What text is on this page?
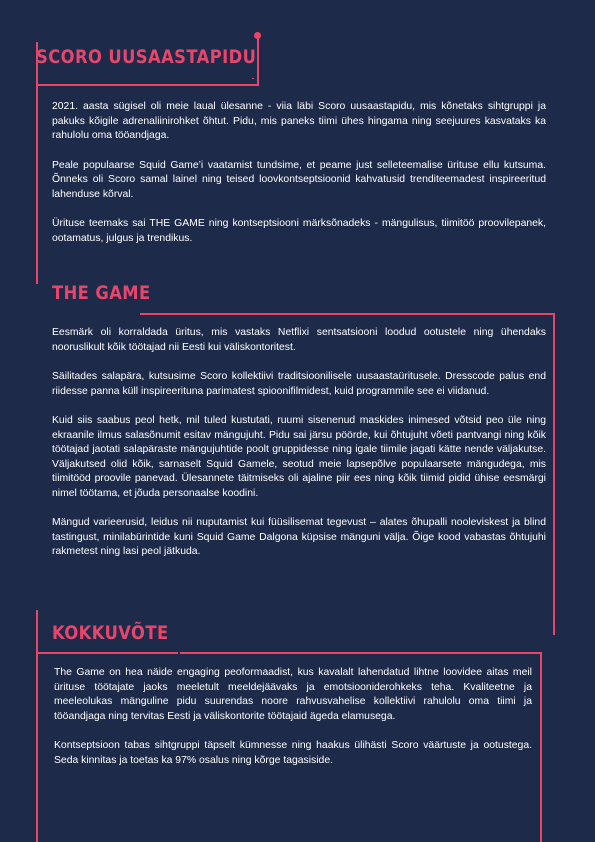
SCORO UUSAASTAPIDU

2021. aasta sügisel oli meie laual ülesanne - viia läbi Scoro uusaastapidu, mis kõnetaks sihtgruppi ja pakuks kõigile adrenaliinirohket õhtut. Pidu, mis paneks tiimi ühes hingama ning seejuures kasvataks ka rahulolu oma tööandjaga.

Peale populaarse Squid Game’i vaatamist tundsime, et peame just selleteemalise ürituse ellu kutsuma. Õnneks oli Scoro samal lainel ning teised loovkontseptsioonid kahvatusid trenditeemadest inspireeritud lahenduse kõrval.

Ürituse teemaks sai THE GAME ning kontseptsiooni märksõnadeks - mängulisus, tiimitöö proovilepanek, ootamatus, julgus ja trendikus.

THE GAME

Eesmärk oli korraldada üritus, mis vastaks Netflixi sentsatsiooni loodud ootustele ning ühendaks nooruslikult kõik töötajad nii Eesti kui väliskontoritest.

Säilitades salapära, kutsusime Scoro kollektiivi traditsioonilisele uusaastaüritusele. Dresscode palus end riidesse panna küll inspireerituna parimatest spioonifilmidest, kuid programmile see ei viidanud.

Kuid siis saabus peol hetk, mil tuled kustutati, ruumi sisenenud maskides inimesed võtsid peo üle ning ekraanile ilmus salasõnumit esitav mängujuht. Pidu sai järsu pöörde, kui õhtujuht võeti pantvangi ning kõik töötajad jaotati salapäraste mängujuhtide poolt gruppidesse ning igale tiimile jagati kätte nende väljakutse. Väljakutsed olid kõik, sarnaselt Squid Gamele, seotud meie lapsepõlve populaarsete mängudega, mis tiimitööd proovile panevad. Ülesannete täitmiseks oli ajaline piir ees ning kõik tiimid pidid ühise eesmärgi nimel töötama, et jõuda personaalse koodini.

Mängud varieerusid, leidus nii nuputamist kui füüsilisemat tegevust – alates õhupalli nooleviskest ja blind tastingust, minilabürintide kuni Squid Game Dalgona küpsise mänguni välja. Õige kood vabastas õhtujuhi rakmetest ning lasi peol jätkuda.

KOKKUVÕTE

The Game on hea näide engaging peoformaadist, kus kavalalt lahendatud lihtne loovidee aitas meil ürituse töötajate jaoks meeletult meeldejäävaks ja emotsiooniderohkeks teha. Kvaliteetne ja meeleolukas mänguline pidu suurendas noore rahvusvahelise kollektiivi rahulolu oma tiimi ja tööandjaga ning tervitas Eesti ja väliskontorite töötajaid ägeda elamusega.

Kontseptsioon tabas sihtgruppi täpselt kümnesse ning haakus ülihästi Scoro väärtuste ja ootustega. Seda kinnitas ja toetas ka 97% osalus ning kõrge tagasiside.
